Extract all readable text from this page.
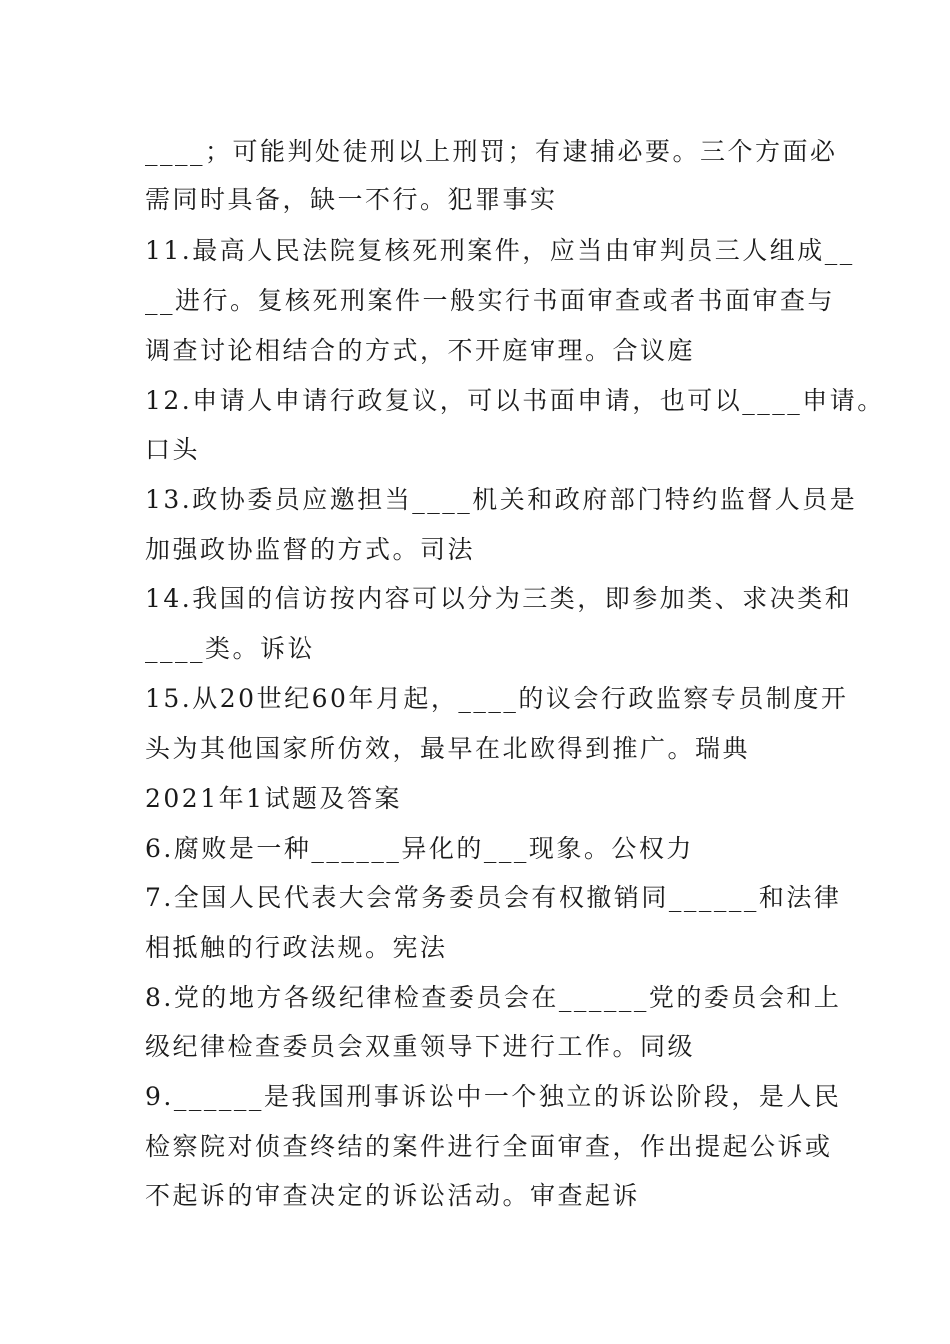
____；可能判处徒刑以上刑罚；有逮捕必要。三个方面必
需同时具备，缺一不行。犯罪事实
11.最高人民法院复核死刑案件，应当由审判员三人组成__
__进行。复核死刑案件一般实行书面审查或者书面审查与
调查讨论相结合的方式，不开庭审理。合议庭
12.申请人申请行政复议，可以书面申请，也可以____申请。
口头
13.政协委员应邀担当____机关和政府部门特约监督人员是
加强政协监督的方式。司法
14.我国的信访按内容可以分为三类，即参加类、求决类和
____类。诉讼
15.从20世纪60年月起，____的议会行政监察专员制度开
头为其他国家所仿效，最早在北欧得到推广。瑞典
2021年1试题及答案
6.腐败是一种______异化的___现象。公权力
7.全国人民代表大会常务委员会有权撤销同______和法律
相抵触的行政法规。宪法
8.党的地方各级纪律检查委员会在______党的委员会和上
级纪律检查委员会双重领导下进行工作。同级
9.______是我国刑事诉讼中一个独立的诉讼阶段，是人民
检察院对侦查终结的案件进行全面审查，作出提起公诉或
不起诉的审查决定的诉讼活动。审查起诉
